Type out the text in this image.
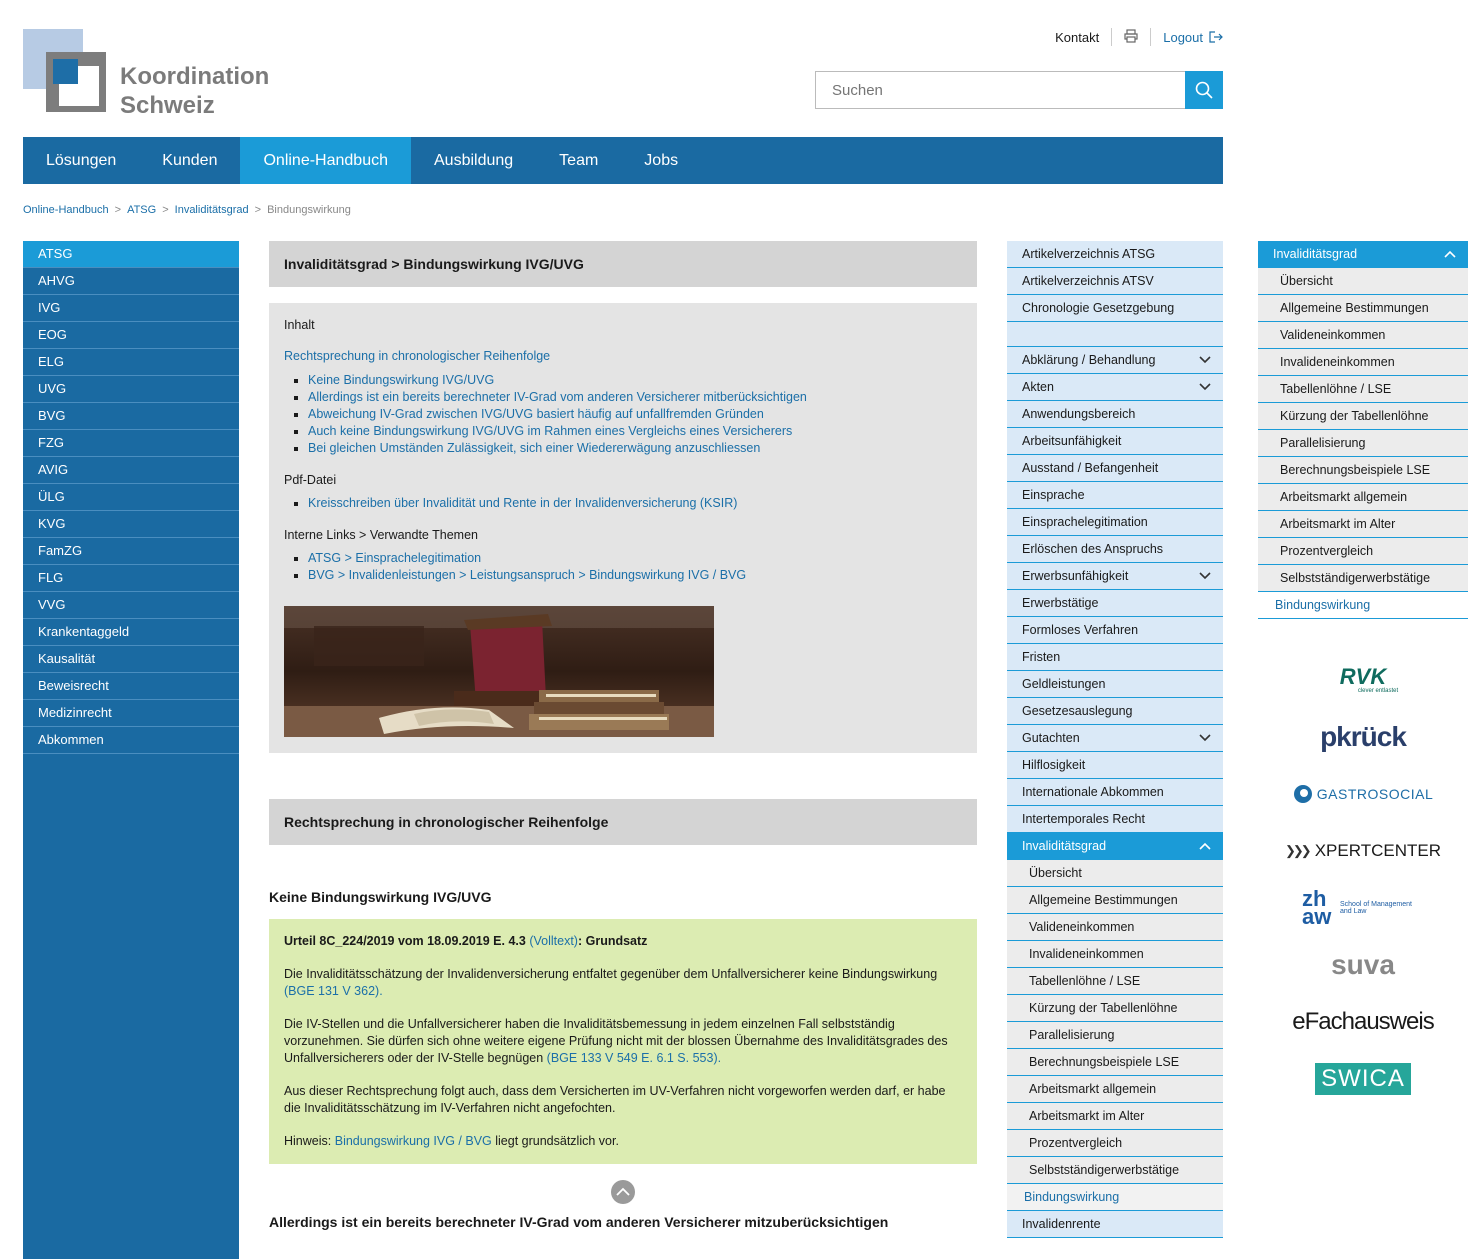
Koordination
Schweiz
Kontakt	Logout
Suchen
Lösungen	Kunden	Online-Handbuch	Ausbildung	Team	Jobs
Online-Handbuch > ATSG > Invaliditätsgrad > Bindungswirkung
ATSG
AHVG
IVG
EOG
ELG
UVG
BVG
FZG
AVIG
ÜLG
KVG
FamZG
FLG
VVG
Krankentaggeld
Kausalität
Beweisrecht
Medizinrecht
Abkommen
Invaliditätsgrad > Bindungswirkung IVG/UVG

Inhalt

Rechtsprechung in chronologischer Reihenfolge
▪ Keine Bindungswirkung IVG/UVG
▪ Allerdings ist ein bereits berechneter IV-Grad vom anderen Versicherer mitberücksichtigen
▪ Abweichung IV-Grad zwischen IVG/UVG basiert häufig auf unfallfremden Gründen
▪ Auch keine Bindungswirkung IVG/UVG im Rahmen eines Vergleichs eines Versicherers
▪ Bei gleichen Umständen Zulässigkeit, sich einer Wiedererwägung anzuschliessen

Pdf-Datei

▪ Kreisschreiben über Invalidität und Rente in der Invalidenversicherung (KSIR)

Interne Links > Verwandte Themen

▪ ATSG > Einsprachelegitimation
▪ BVG > Invalidenleistungen > Leistungsanspruch > Bindungswirkung IVG / BVG
Rechtsprechung in chronologischer Reihenfolge
Keine Bindungswirkung IVG/UVG

Urteil 8C_224/2019 vom 18.09.2019 E. 4.3 (Volltext): Grundsatz

Die Invaliditätsschätzung der Invalidenversicherung entfaltet gegenüber dem Unfallversicherer keine Bindungswirkung (BGE 131 V 362).

Die IV-Stellen und die Unfallversicherer haben die Invaliditätsbemessung in jedem einzelnen Fall selbstständig vorzunehmen. Sie dürfen sich ohne weitere eigene Prüfung nicht mit der blossen Übernahme des Invaliditätsgrades des Unfallversicherers oder der IV-Stelle begnügen (BGE 133 V 549 E. 6.1 S. 553).

Aus dieser Rechtsprechung folgt auch, dass dem Versicherten im UV-Verfahren nicht vorgeworfen werden darf, er habe die Invaliditätsschätzung im IV-Verfahren nicht angefochten.

Hinweis: Bindungswirkung IVG / BVG liegt grundsätzlich vor.

Allerdings ist ein bereits berechneter IV-Grad vom anderen Versicherer mitzuberücksichtigen
Artikelverzeichnis ATSG
Artikelverzeichnis ATSV
Chronologie Gesetzgebung
Abklärung / Behandlung
Akten
Anwendungsbereich
Arbeitsunfähigkeit
Ausstand / Befangenheit
Einsprache
Einsprachelegitimation
Erlöschen des Anspruchs
Erwerbsunfähigkeit
Erwerbstätige
Formloses Verfahren
Fristen
Geldleistungen
Gesetzesauslegung
Gutachten
Hilflosigkeit
Internationale Abkommen
Intertemporales Recht
Invaliditätsgrad
Übersicht
Allgemeine Bestimmungen
Valideneinkommen
Invalideneinkommen
Tabellenlöhne / LSE
Kürzung der Tabellenlöhne
Parallelisierung
Berechnungsbeispiele LSE
Arbeitsmarkt allgemein
Arbeitsmarkt im Alter
Prozentvergleich
Selbstständigerwerbstätige
Bindungswirkung
Invalidenrente
Invaliditätsgrad
Übersicht
Allgemeine Bestimmungen
Valideneinkommen
Invalideneinkommen
Tabellenlöhne / LSE
Kürzung der Tabellenlöhne
Parallelisierung
Berechnungsbeispiele LSE
Arbeitsmarkt allgemein
Arbeitsmarkt im Alter
Prozentvergleich
Selbstständigerwerbstätige
Bindungswirkung
RVK
clever entlastet
pkrück
GASTROSOCIAL
❯❯❯ XPERTCENTER
zh aw	School of Management and Law
suva
eFachausweis
SWICA
